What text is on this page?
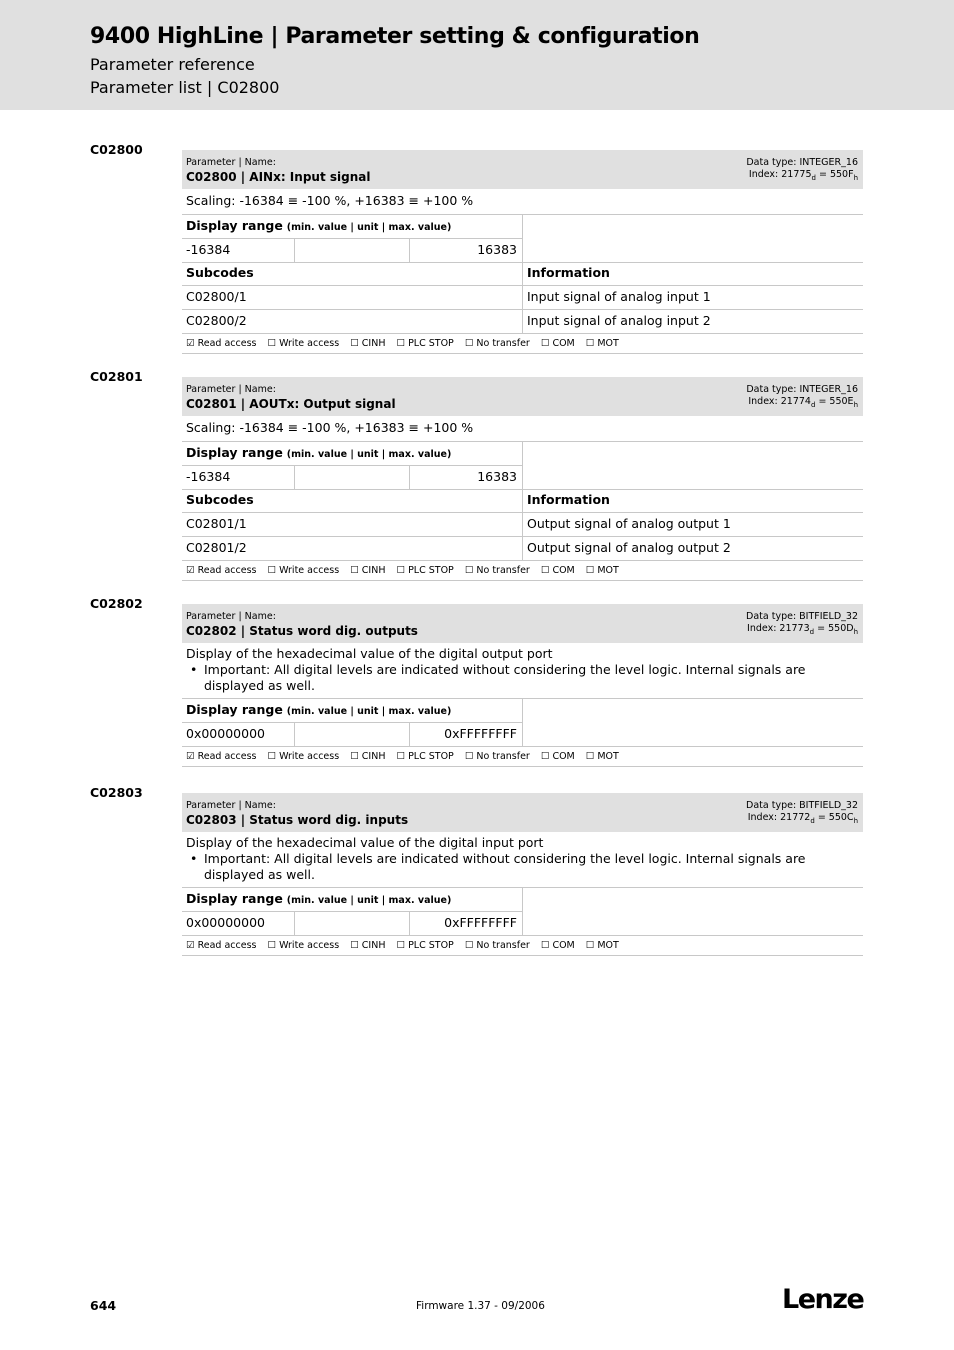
9400 HighLine | Parameter setting & configuration
Parameter reference
Parameter list | C02800
C02800
Parameter | Name:
C02800 | AINx: Input signal
Data type: INTEGER_16
Index: $21775_d = 550F_h$
Scaling: -16384 ≡ -100 %, +16383 ≡ +100 %
Display range (min. value | unit | max. value)
-16384	16383
Subcodes	Information
C02800/1	Input signal of analog input 1
C02800/2	Input signal of analog input 2
☑ Read access ☐ Write access ☐ CINH ☐ PLC STOP ☐ No transfer ☐ COM ☐ MOT
C02801
Parameter | Name:
C02801 | AOUTx: Output signal
Data type: INTEGER_16
Index: $21774_d = 550E_h$
Scaling: -16384 ≡ -100 %, +16383 ≡ +100 %
Display range (min. value | unit | max. value)
-16384	16383
Subcodes	Information
C02801/1	Output signal of analog output 1
C02801/2	Output signal of analog output 2
☑ Read access ☐ Write access ☐ CINH ☐ PLC STOP ☐ No transfer ☐ COM ☐ MOT
C02802
Parameter | Name:
C02802 | Status word dig. outputs
Data type: BITFIELD_32
Index: $21773_d = 550D_h$
Display of the hexadecimal value of the digital output port
• Important: All digital levels are indicated without considering the level logic. Internal signals are displayed as well.
Display range (min. value | unit | max. value)
0x00000000	0xFFFFFFFF
☑ Read access ☐ Write access ☐ CINH ☐ PLC STOP ☐ No transfer ☐ COM ☐ MOT
C02803
Parameter | Name:
C02803 | Status word dig. inputs
Data type: BITFIELD_32
Index: $21772_d = 550C_h$
Display of the hexadecimal value of the digital input port
• Important: All digital levels are indicated without considering the level logic. Internal signals are displayed as well.
Display range (min. value | unit | max. value)
0x00000000	0xFFFFFFFF
☑ Read access ☐ Write access ☐ CINH ☐ PLC STOP ☐ No transfer ☐ COM ☐ MOT
644	Firmware 1.37 - 09/2006	Lenze
